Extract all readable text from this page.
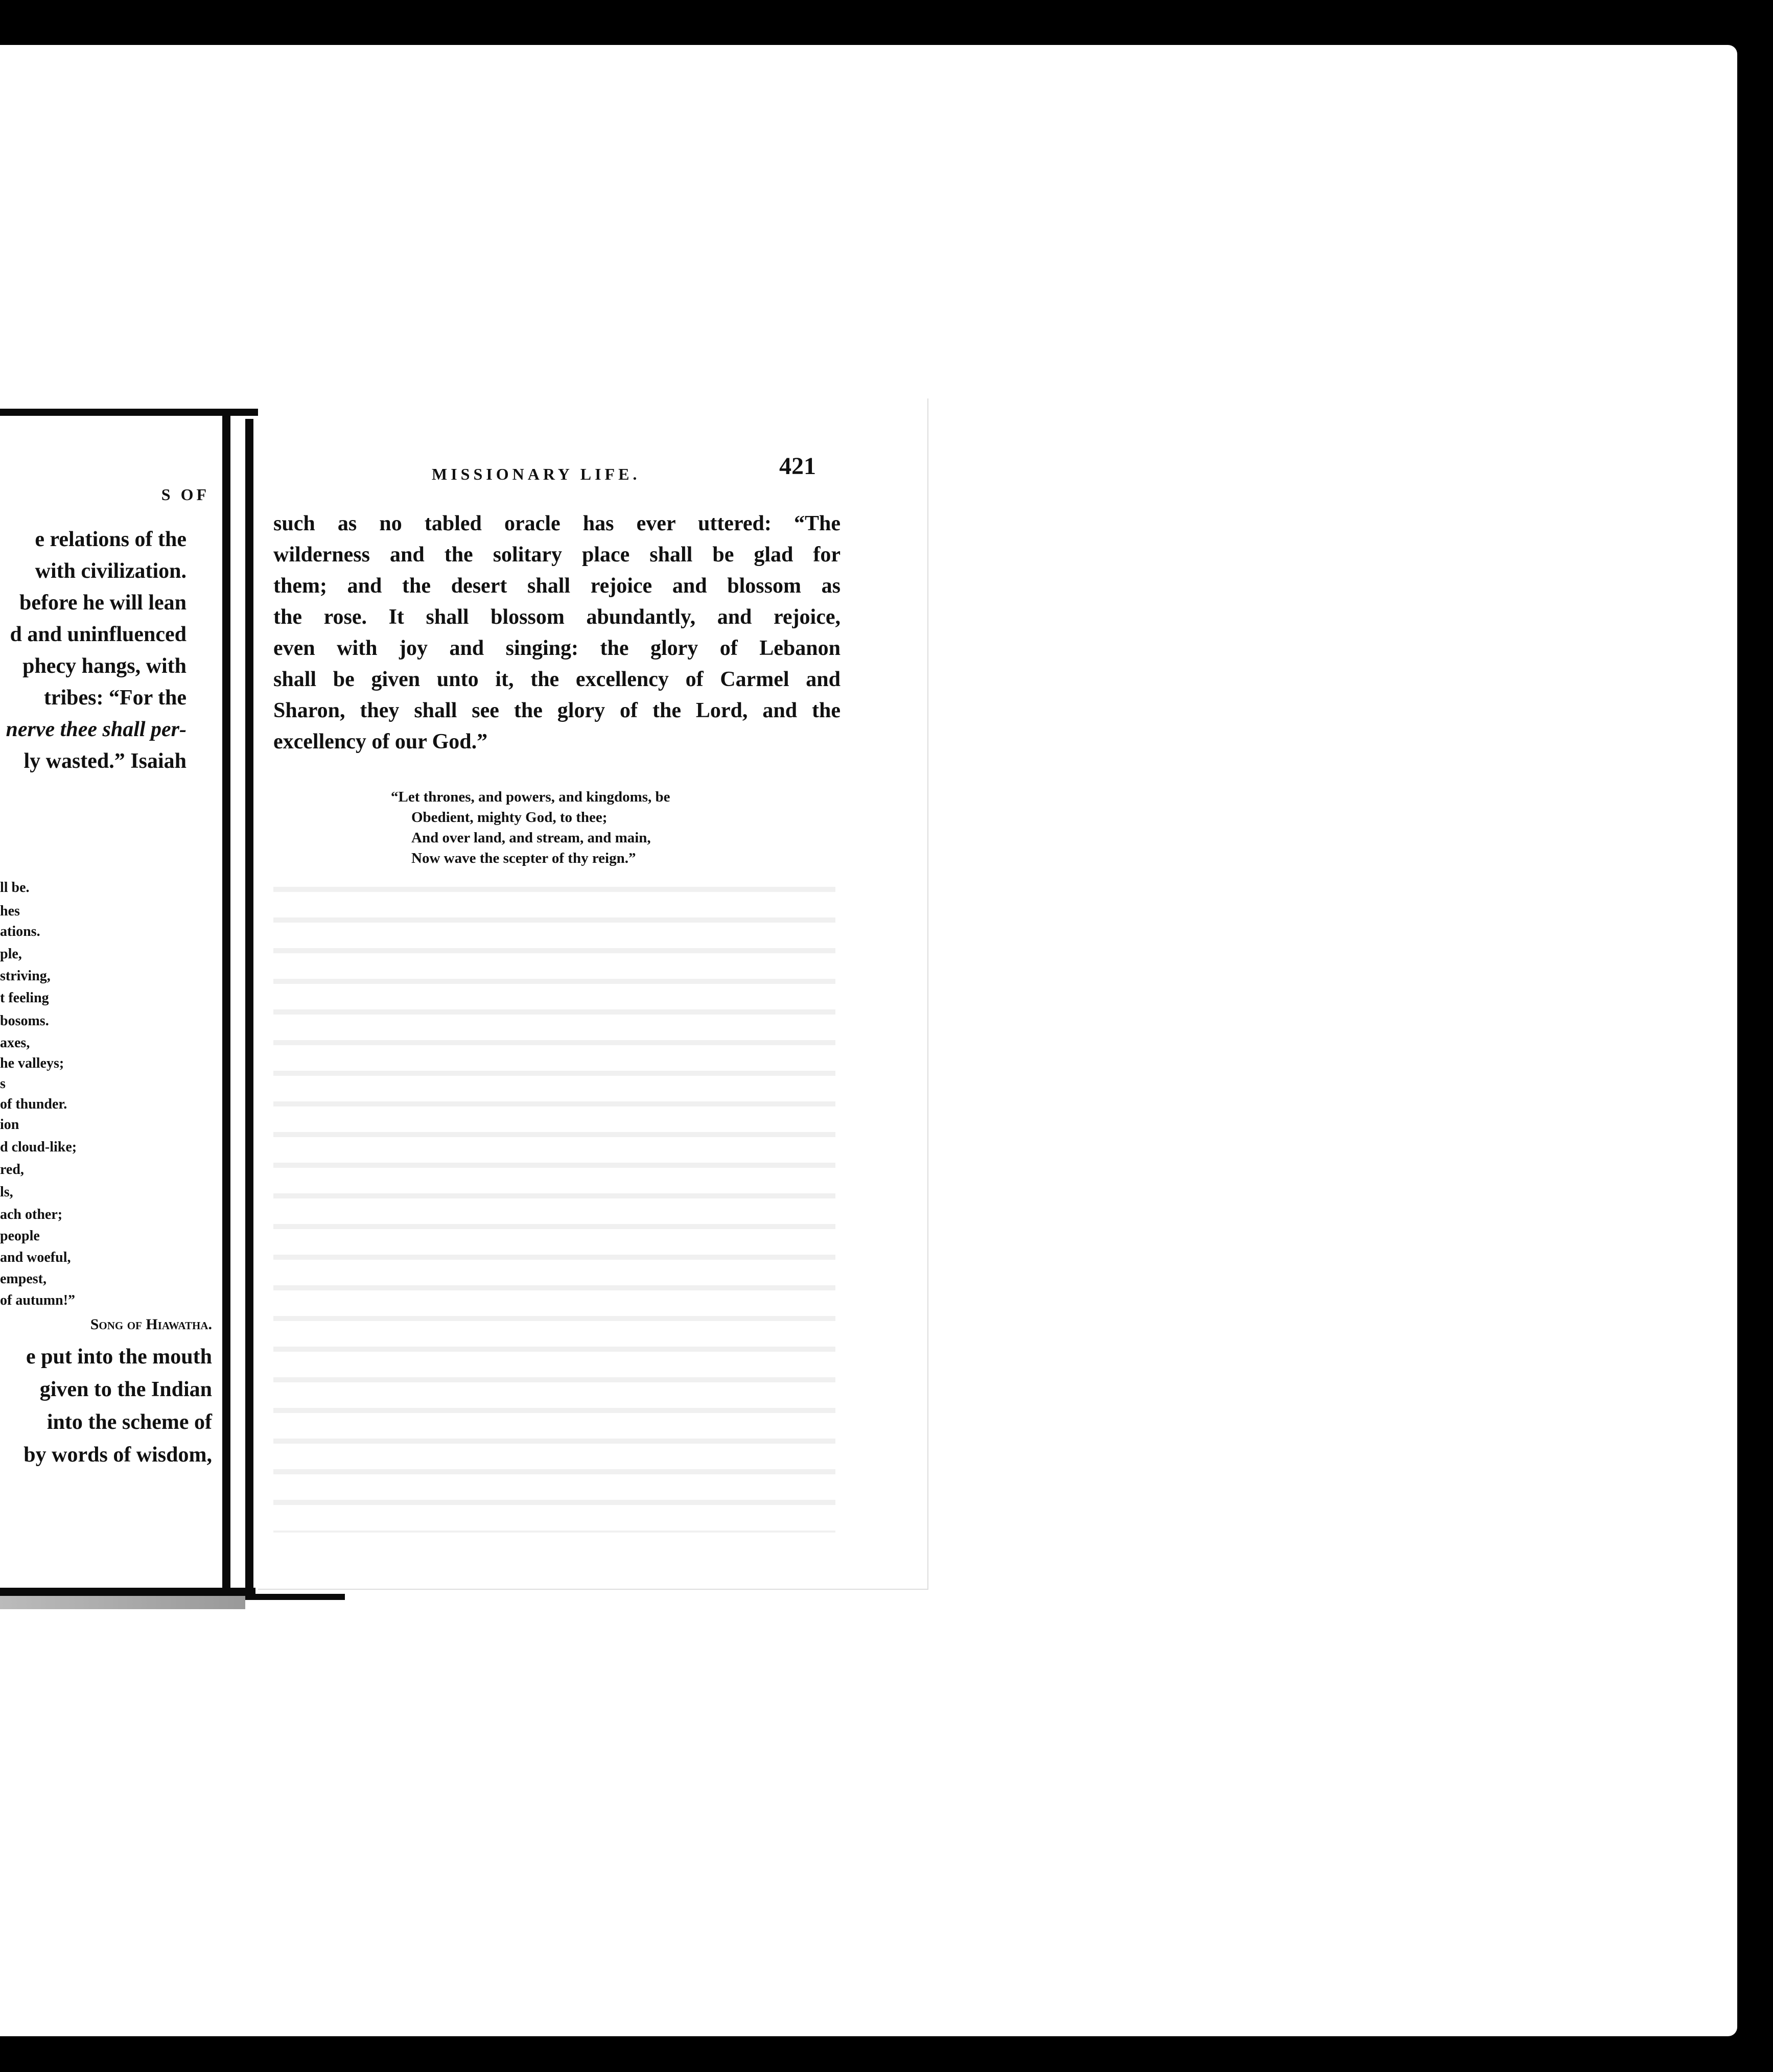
S OF
e relations of the
with civilization.
before he will lean
d and uninfluenced
phecy hangs, with
tribes: “For the
nerve thee shall per-
ly wasted.” Isaiah
ll be.
hes
ations.
ple,
striving,
t feeling
bosoms.
axes,
he valleys;
s
of thunder.
ion
d cloud-like;
red,
ls,
ach other;
people
and woeful,
empest,
of autumn!”
Song of Hiawatha.
e put into the mouth
given to the Indian
into the scheme of
by words of wisdom,
MISSIONARY LIFE.	421
such as no tabled oracle has ever uttered: “The
wilderness and the solitary place shall be glad for
them; and the desert shall rejoice and blossom as
the rose. It shall blossom abundantly, and rejoice,
even with joy and singing: the glory of Lebanon
shall be given unto it, the excellency of Carmel and
Sharon, they shall see the glory of the Lord, and the
excellency of our God.”
“Let thrones, and powers, and kingdoms, be
Obedient, mighty God, to thee;
And over land, and stream, and main,
Now wave the scepter of thy reign.”
